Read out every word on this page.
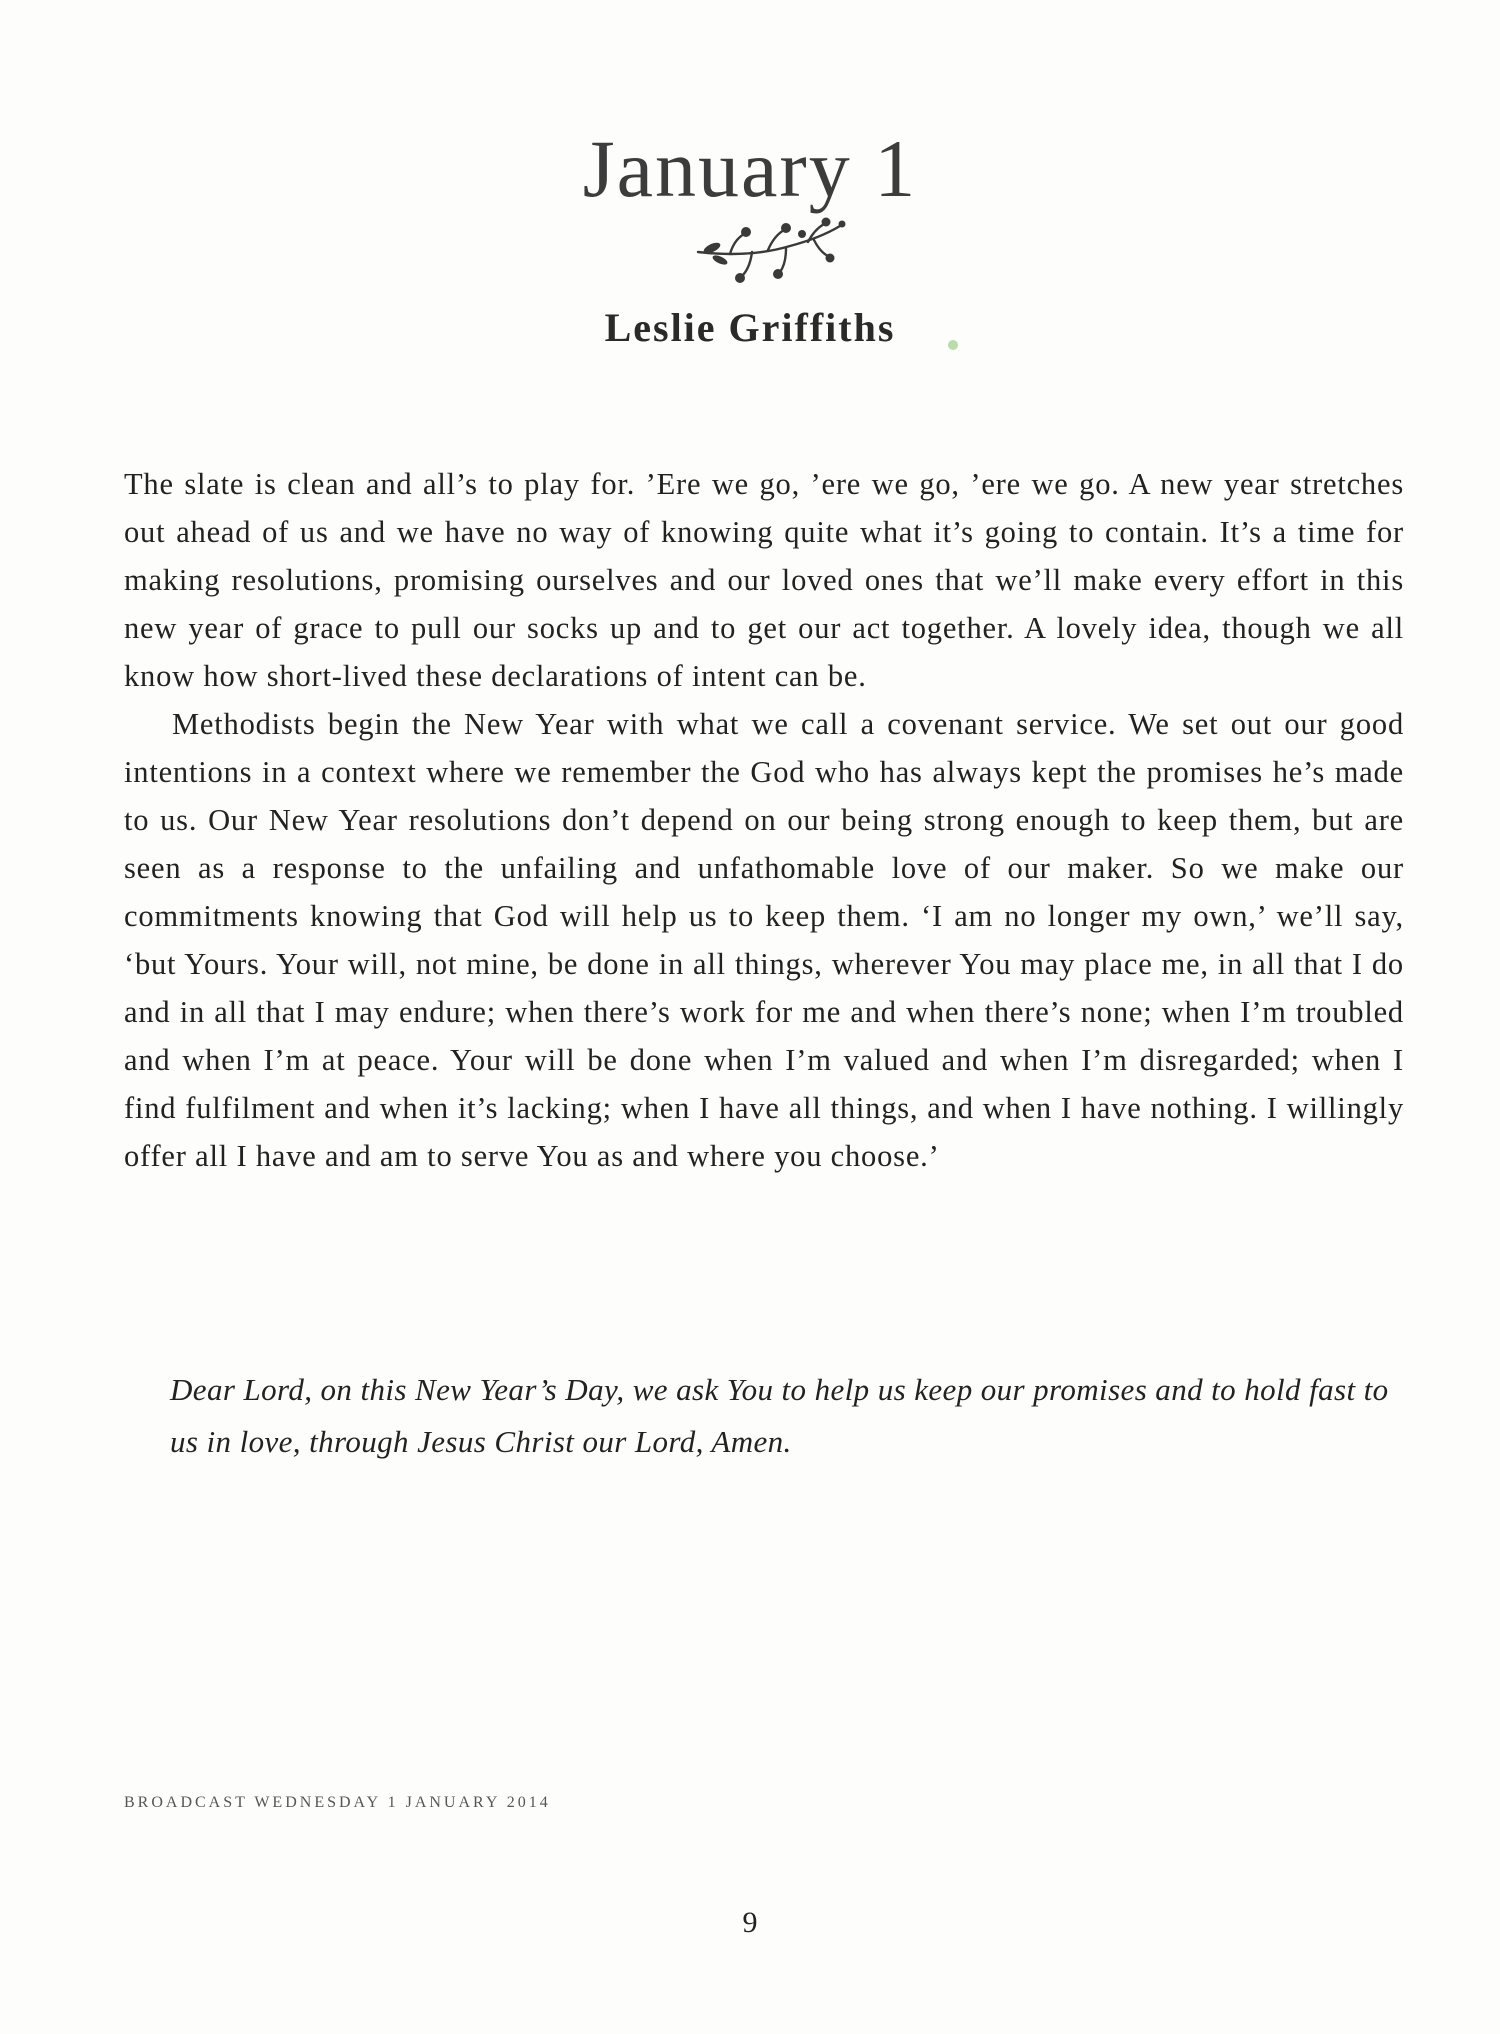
January 1
Leslie Griffiths

The slate is clean and all’s to play for. ’Ere we go, ’ere we go, ’ere we go. A new year stretches out ahead of us and we have no way of knowing quite what it’s going to contain. It’s a time for making resolutions, promising ourselves and our loved ones that we’ll make every effort in this new year of grace to pull our socks up and to get our act together. A lovely idea, though we all know how short-lived these declarations of intent can be.

Methodists begin the New Year with what we call a covenant service. We set out our good intentions in a context where we remember the God who has always kept the promises he’s made to us. Our New Year resolutions don’t depend on our being strong enough to keep them, but are seen as a response to the unfailing and unfathomable love of our maker. So we make our commitments knowing that God will help us to keep them. ‘I am no longer my own,’ we’ll say, ‘but Yours. Your will, not mine, be done in all things, wherever You may place me, in all that I do and in all that I may endure; when there’s work for me and when there’s none; when I’m troubled and when I’m at peace. Your will be done when I’m valued and when I’m disregarded; when I find fulfilment and when it’s lacking; when I have all things, and when I have nothing. I willingly offer all I have and am to serve You as and where you choose.’

Dear Lord, on this New Year’s Day, we ask You to help us keep our promises and to hold fast to us in love, through Jesus Christ our Lord, Amen.

BROADCAST WEDNESDAY 1 JANUARY 2014

9
